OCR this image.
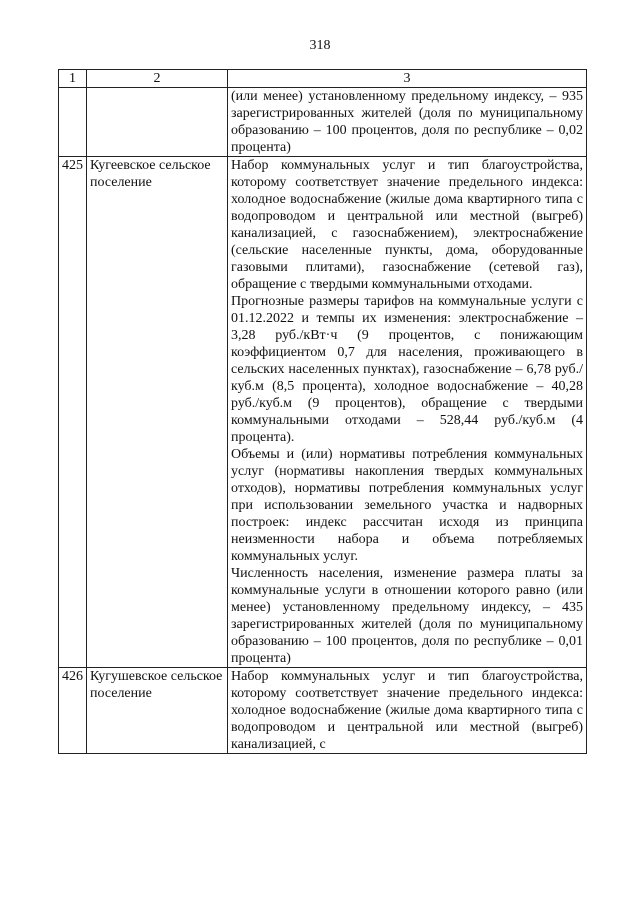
318
1	2	3

		(или менее) установленному предельному индексу, – 935 зарегистрированных жителей (доля по муниципальному образованию – 100 процентов, доля по республике – 0,02 процента)

425	Кугеевское сельское поселение	Набор коммунальных услуг и тип благоустройства, которому соответствует значение предельного индекса: холодное водоснабжение (жилые дома квартирного типа с водопроводом и центральной или местной (выгреб) канализацией, с газоснабжением), электроснабжение (сельские населенные пункты, дома, оборудованные газовыми плитами), газоснабжение (сетевой газ), обращение с твердыми коммунальными отходами.

Прогнозные размеры тарифов на коммунальные услуги с 01.12.2022 и темпы их изменения: электроснабжение – 3,28 руб./кВт·ч (9 процентов, с понижающим коэффициентом 0,7 для населения, проживающего в сельских населенных пунктах), газоснабжение – 6,78 руб./куб.м (8,5 процента), холодное водоснабжение – 40,28 руб./куб.м (9 процентов), обращение с твердыми коммунальными отходами – 528,44 руб./куб.м (4 процента).

Объемы и (или) нормативы потребления коммунальных услуг (нормативы накопления твердых коммунальных отходов), нормативы потребления коммунальных услуг при использовании земельного участка и надворных построек: индекс рассчитан исходя из принципа неизменности набора и объема потребляемых коммунальных услуг.

Численность населения, изменение размера платы за коммунальные услуги в отношении которого равно (или менее) установленному предельному индексу, – 435 зарегистрированных жителей (доля по муниципальному образованию – 100 процентов, доля по республике – 0,01 процента)

426	Кугушевское сельское поселение	Набор коммунальных услуг и тип благоустройства, которому соответствует значение предельного индекса: холодное водоснабжение (жилые дома квартирного типа с водопроводом и центральной или местной (выгреб) канализацией, с
